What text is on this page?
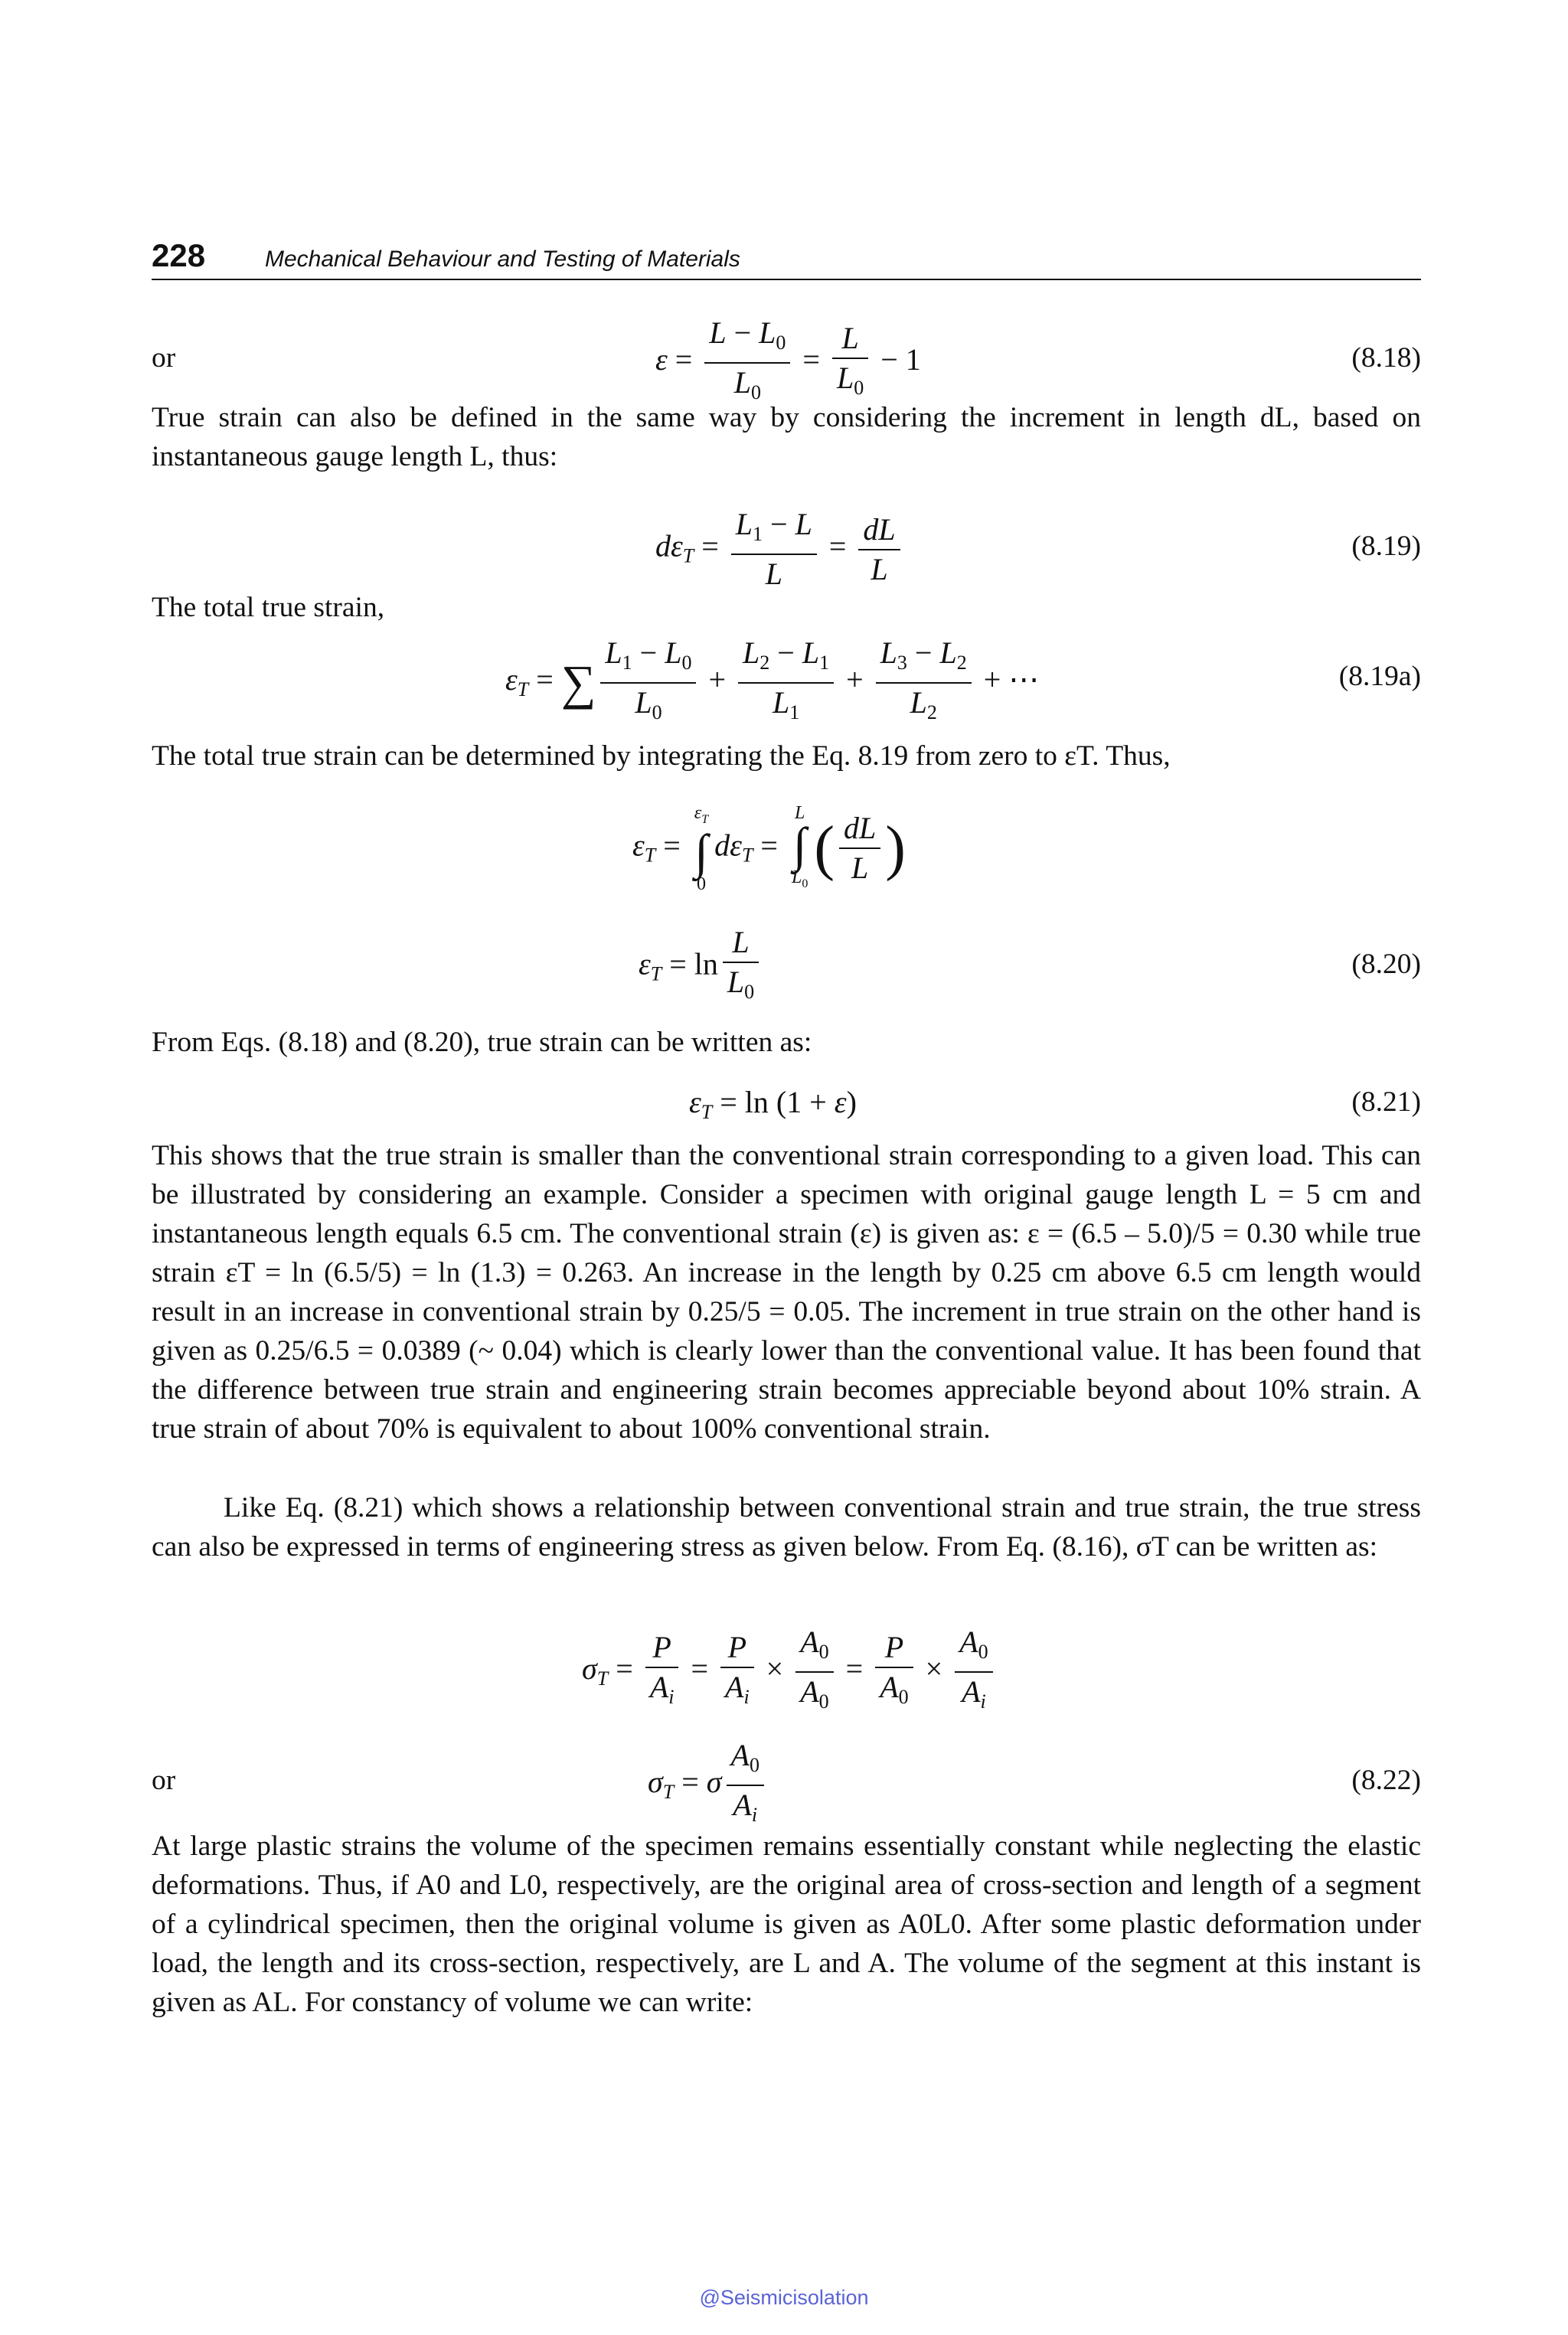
228	Mechanical Behaviour and Testing of Materials
or	$\varepsilon = \frac{L - L_0}{L_0} = \frac{L}{L_0} - 1$	(8.18)

True strain can also be defined in the same way by considering the increment in length dL, based on instantaneous gauge length L, thus:

$d\varepsilon_T = \frac{L_1 - L}{L} = \frac{dL}{L}$	(8.19)
The total true strain,
$\varepsilon_T$ = ∑ $\frac{L_1 - L_0}{L_0} + \frac{L_2 - L_1}{L_1} + \frac{L_3 - L_2}{L_2}$ + ⋯	(8.19a)

The total true strain can be determined by integrating the Eq. 8.19 from zero to εT. Thus,

$\varepsilon_T$ =
$\varepsilon_T$
∫
0
$d\varepsilon_T$ =
L
∫
$L_0$
( $\frac{dL}{L}$ )
$\varepsilon_T = \ln \frac{L}{L_0}$	(8.20)

From Eqs. (8.18) and (8.20), true strain can be written as:

$\varepsilon_T = \ln (1 + \varepsilon)$	(8.21)

This shows that the true strain is smaller than the conventional strain corresponding to a given load. This can be illustrated by considering an example. Consider a specimen with original gauge length L = 5 cm and instantaneous length equals 6.5 cm. The conventional strain (ε) is given as: ε = (6.5 – 5.0)/5 = 0.30 while true strain εT = ln (6.5/5) = ln (1.3) = 0.263. An increase in the length by 0.25 cm above 6.5 cm length would result in an increase in conventional strain by 0.25/5 = 0.05. The increment in true strain on the other hand is given as 0.25/6.5 = 0.0389 (~ 0.04) which is clearly lower than the conventional value. It has been found that the difference between true strain and engineering strain becomes appreciable beyond about 10% strain. A true strain of about 70% is equivalent to about 100% conventional strain.

Like Eq. (8.21) which shows a relationship between conventional strain and true strain, the true stress can also be expressed in terms of engineering stress as given below. From Eq. (8.16), σT can be written as:

$\sigma_T = \frac{P}{A_i} = \frac{P}{A_i} \times \frac{A_0}{A_0} = \frac{P}{A_0} \times \frac{A_0}{A_i}$
or	$\sigma_T = \sigma \frac{A_0}{A_i}$	(8.22)

At large plastic strains the volume of the specimen remains essentially constant while neglecting the elastic deformations. Thus, if A0 and L0, respectively, are the original area of cross-section and length of a segment of a cylindrical specimen, then the original volume is given as A0L0. After some plastic deformation under load, the length and its cross-section, respectively, are L and A. The volume of the segment at this instant is given as AL. For constancy of volume we can write:

@Seismicisolation
